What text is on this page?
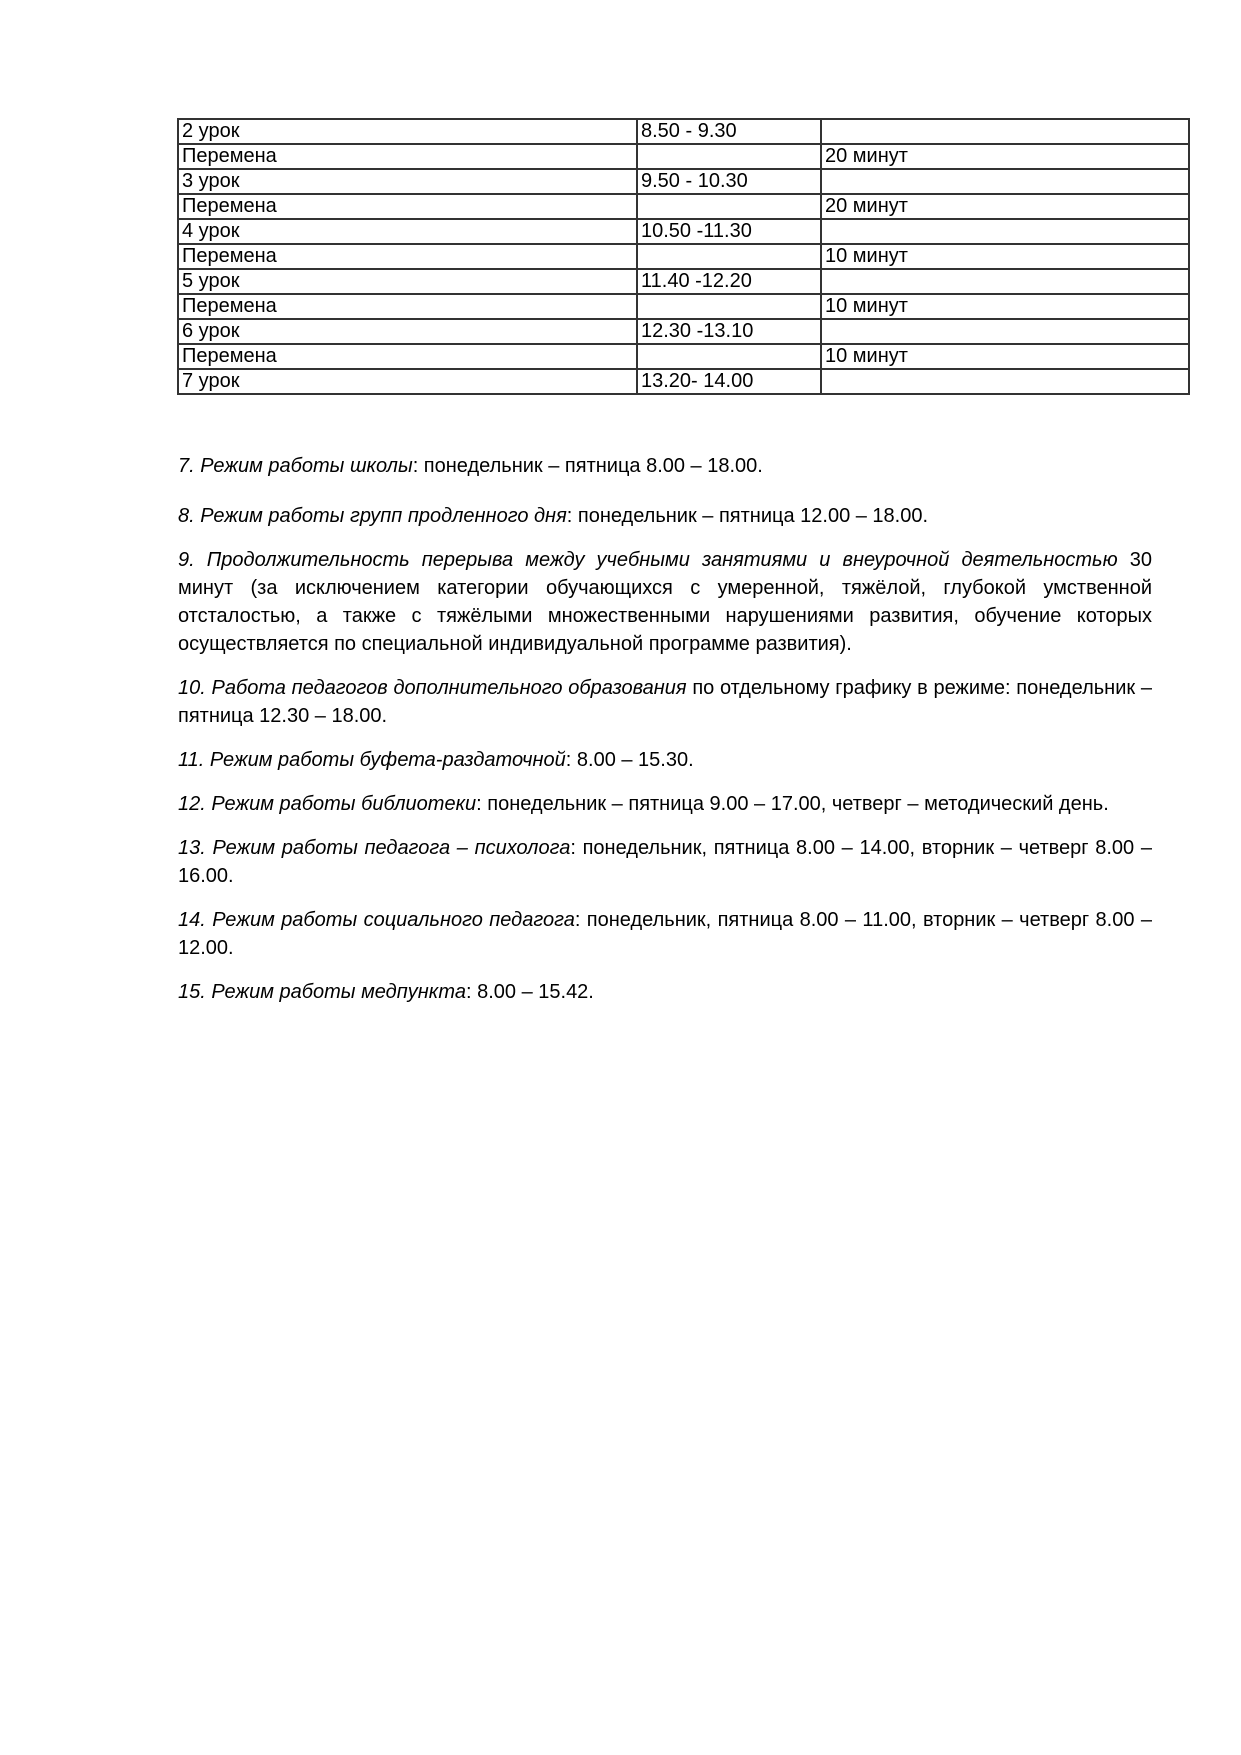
2 урок	8.50 - 9.30	
Перемена		20 минут
3 урок	9.50 - 10.30	
Перемена		20 минут
4 урок	10.50 -11.30	
Перемена		10 минут
5 урок	11.40 -12.20	
Перемена		10 минут
6 урок	12.30 -13.10	
Перемена		10 минут
7 урок	13.20- 14.00	

7. Режим работы школы: понедельник – пятница 8.00 – 18.00.

8. Режим работы групп продленного дня: понедельник – пятница 12.00 – 18.00.

9. Продолжительность перерыва между учебными занятиями и внеурочной деятельностью 30 минут (за исключением категории обучающихся с умеренной, тяжёлой, глубокой умственной отсталостью, а также с тяжёлыми множественными нарушениями развития, обучение которых осуществляется по специальной индивидуальной программе развития).

10. Работа педагогов дополнительного образования по отдельному графику в режиме: понедельник – пятница 12.30 – 18.00.

11. Режим работы буфета-раздаточной: 8.00 – 15.30.

12. Режим работы библиотеки: понедельник – пятница 9.00 – 17.00, четверг – методический день.

13. Режим работы педагога – психолога: понедельник, пятница 8.00 – 14.00, вторник – четверг 8.00 – 16.00.

14. Режим работы социального педагога: понедельник, пятница 8.00 – 11.00, вторник – четверг 8.00 – 12.00.

15. Режим работы медпункта: 8.00 – 15.42.
